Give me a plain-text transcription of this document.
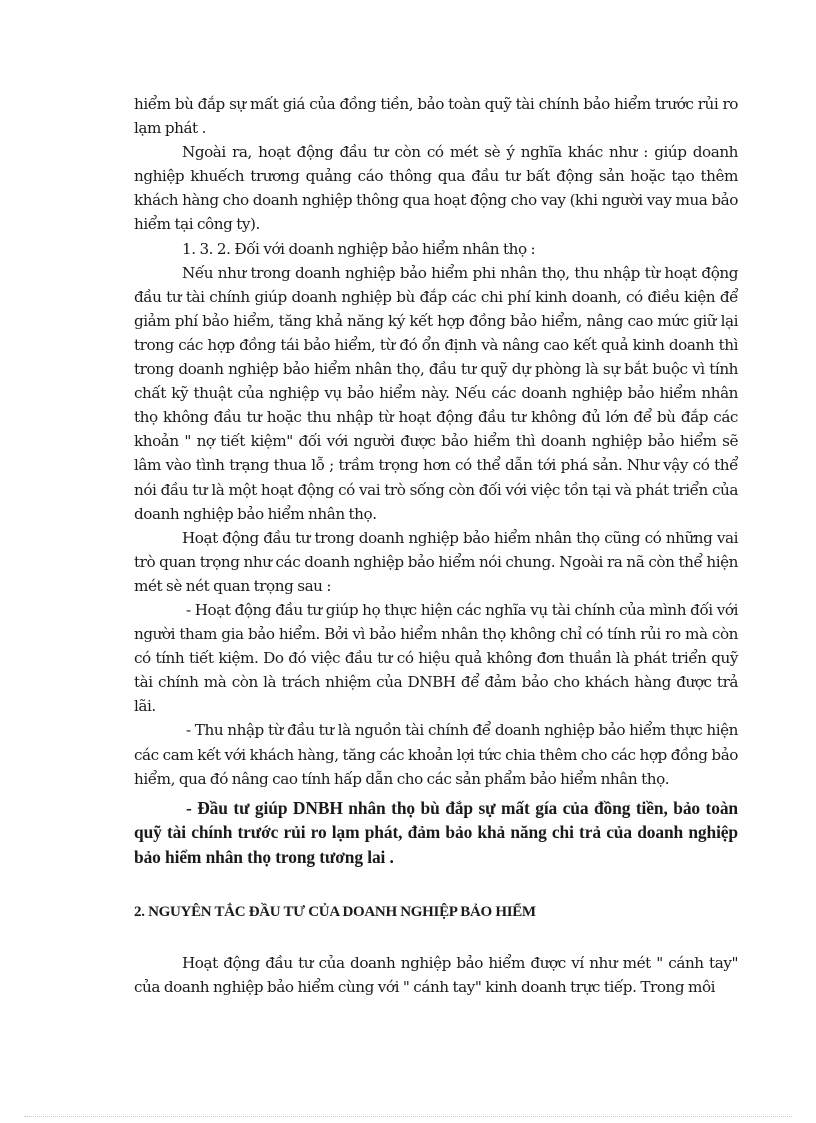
hiểm bù đắp sự mất giá của đồng tiền, bảo toàn quỹ tài chính bảo hiểm trước rủi ro lạm phát .

Ngoài ra, hoạt động đầu tư còn có mét sè ý nghĩa khác như : giúp doanh nghiệp khuếch trương quảng cáo thông qua đầu tư bất động sản hoặc tạo thêm khách hàng cho doanh nghiệp thông qua hoạt động cho vay (khi người vay mua bảo hiểm tại công ty).

1. 3. 2. Đối với doanh nghiệp bảo hiểm nhân thọ :

Nếu như trong doanh nghiệp bảo hiểm phi nhân thọ, thu nhập từ hoạt động đầu tư tài chính giúp doanh nghiệp bù đắp các chi phí kinh doanh, có điều kiện để giảm phí bảo hiểm, tăng khả năng ký kết hợp đồng bảo hiểm, nâng cao mức giữ lại trong các hợp đồng tái bảo hiểm, từ đó ổn định và nâng cao kết quả kinh doanh thì trong doanh nghiệp bảo hiểm nhân thọ, đầu tư quỹ dự phòng là sự bắt buộc vì tính chất kỹ thuật của nghiệp vụ bảo hiểm này. Nếu các doanh nghiệp bảo hiểm nhân thọ không đầu tư hoặc thu nhập từ hoạt động đầu tư không đủ lớn để bù đắp các khoản " nợ tiết kiệm" đối với người được bảo hiểm thì doanh nghiệp bảo hiểm sẽ lâm vào tình trạng thua lỗ ; trầm trọng hơn có thể dẫn tới phá sản. Như vậy có thể nói đầu tư là một hoạt động có vai trò sống còn đối với việc tồn tại và phát triển của doanh nghiệp bảo hiểm nhân thọ.

Hoạt động đầu tư trong doanh nghiệp bảo hiểm nhân thọ cũng có những vai trò quan trọng như các doanh nghiệp bảo hiểm nói chung. Ngoài ra nã còn thể hiện mét sè nét quan trọng sau :

- Hoạt động đầu tư giúp họ thực hiện các nghĩa vụ tài chính của mình đối với người tham gia bảo hiểm. Bởi vì bảo hiểm nhân thọ không chỉ có tính rủi ro mà còn có tính tiết kiệm. Do đó việc đầu tư có hiệu quả không đơn thuần là phát triển quỹ tài chính mà còn là trách nhiệm của DNBH để đảm bảo cho khách hàng được trả lãi.

- Thu nhập từ đầu tư là nguồn tài chính để doanh nghiệp bảo hiểm thực hiện các cam kết với khách hàng, tăng các khoản lợi tức chia thêm cho các hợp đồng bảo hiểm, qua đó nâng cao tính hấp dẫn cho các sản phẩm bảo hiểm nhân thọ.

- Đầu tư giúp DNBH nhân thọ bù đắp sự mất gía của đồng tiền, bảo toàn quỹ tài chính trước rủi ro lạm phát, đảm bảo khả năng chi trả của doanh nghiệp bảo hiểm nhân thọ trong tương lai .

2. NGUYÊN TẮC ĐẦU TƯ CỦA DOANH NGHIỆP BẢO HIỂM

Hoạt động đầu tư của doanh nghiệp bảo hiểm được ví như mét " cánh tay" của doanh nghiệp bảo hiểm cùng với " cánh tay" kinh doanh trực tiếp. Trong môi
